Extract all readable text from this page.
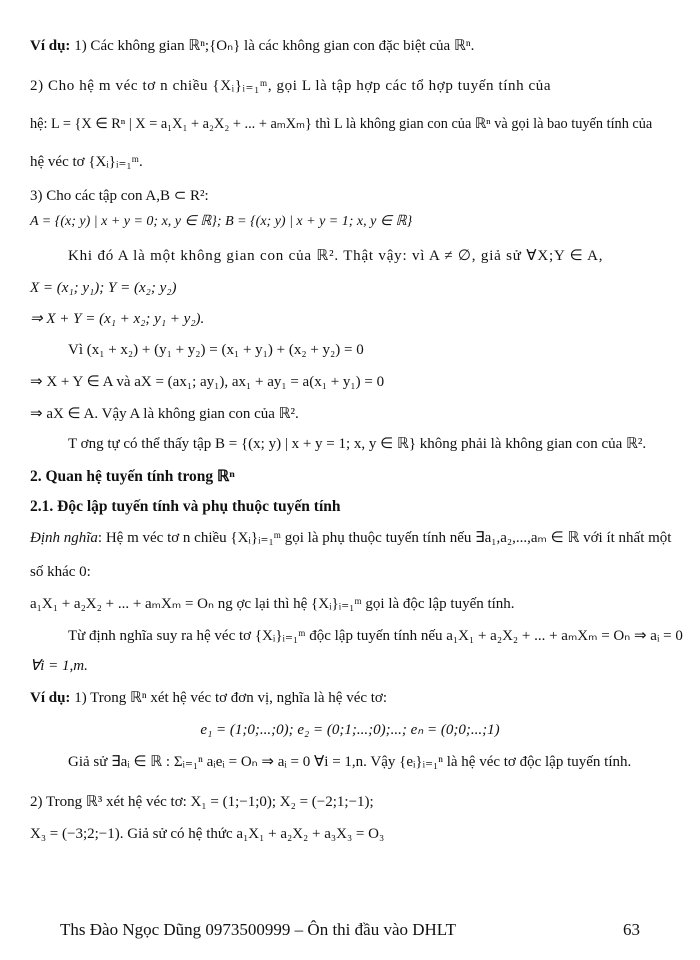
Ví dụ: 1) Các không gian ℝⁿ;{Oₙ} là các không gian con đặc biệt của ℝⁿ.
2) Cho hệ m véc tơ n chiều {Xᵢ}ᵢ₌₁ᵐ, gọi L là tập hợp các tổ hợp tuyến tính của
hệ: L = {X ∈ Rⁿ | X = a₁X₁ + a₂X₂ + ... + aₘXₘ} thì L là không gian con của ℝⁿ và gọi là bao tuyến tính của
hệ véc tơ {Xᵢ}ᵢ₌₁ᵐ.
3) Cho các tập con A,B ⊂ R²:
A = {(x; y) | x + y = 0; x, y ∈ ℝ}; B = {(x; y) | x + y = 1; x, y ∈ ℝ}
Khi đó A là một không gian con của ℝ². Thật vậy: vì A ≠ ∅, giả sử ∀X;Y ∈ A,
X = (x₁; y₁); Y = (x₂; y₂)
⇒ X + Y = (x₁ + x₂; y₁ + y₂).
Vì (x₁ + x₂) + (y₁ + y₂) = (x₁ + y₁) + (x₂ + y₂) = 0
⇒ X + Y ∈ A và aX = (ax₁; ay₁), ax₁ + ay₁ = a(x₁ + y₁) = 0
⇒ aX ∈ A. Vậy A là không gian con của ℝ².
T ơng tự có thể thấy tập B = {(x; y) | x + y = 1; x, y ∈ ℝ} không phải là không gian con của ℝ².
2. Quan hệ tuyến tính trong ℝⁿ
2.1. Độc lập tuyến tính và phụ thuộc tuyến tính
Định nghĩa: Hệ m véc tơ n chiều {Xᵢ}ᵢ₌₁ᵐ gọi là phụ thuộc tuyến tính nếu ∃a₁,a₂,...,aₘ ∈ ℝ với ít nhất một
số khác 0:
a₁X₁ + a₂X₂ + ... + aₘXₘ = Oₙ ng ợc lại thì hệ {Xᵢ}ᵢ₌₁ᵐ gọi là độc lập tuyến tính.
Từ định nghĩa suy ra hệ véc tơ {Xᵢ}ᵢ₌₁ᵐ độc lập tuyến tính nếu a₁X₁ + a₂X₂ + ... + aₘXₘ = Oₙ ⇒ aᵢ = 0
∀i = 1,m.
Ví dụ: 1) Trong ℝⁿ xét hệ véc tơ đơn vị, nghĩa là hệ véc tơ:
e₁ = (1;0;...;0); e₂ = (0;1;...;0);...; eₙ = (0;0;...;1)
Giả sử ∃aᵢ ∈ ℝ : Σᵢ₌₁ⁿ aᵢeᵢ = Oₙ ⇒ aᵢ = 0 ∀i = 1,n. Vậy {eᵢ}ᵢ₌₁ⁿ là hệ véc tơ độc lập tuyến tính.
2) Trong ℝ³ xét hệ véc tơ: X₁ = (1;−1;0); X₂ = (−2;1;−1);
X₃ = (−3;2;−1). Giả sử có hệ thức a₁X₁ + a₂X₂ + a₃X₃ = O₃
Ths Đào Ngọc Dũng 0973500999 – Ôn thi đầu vào DHLT	63
